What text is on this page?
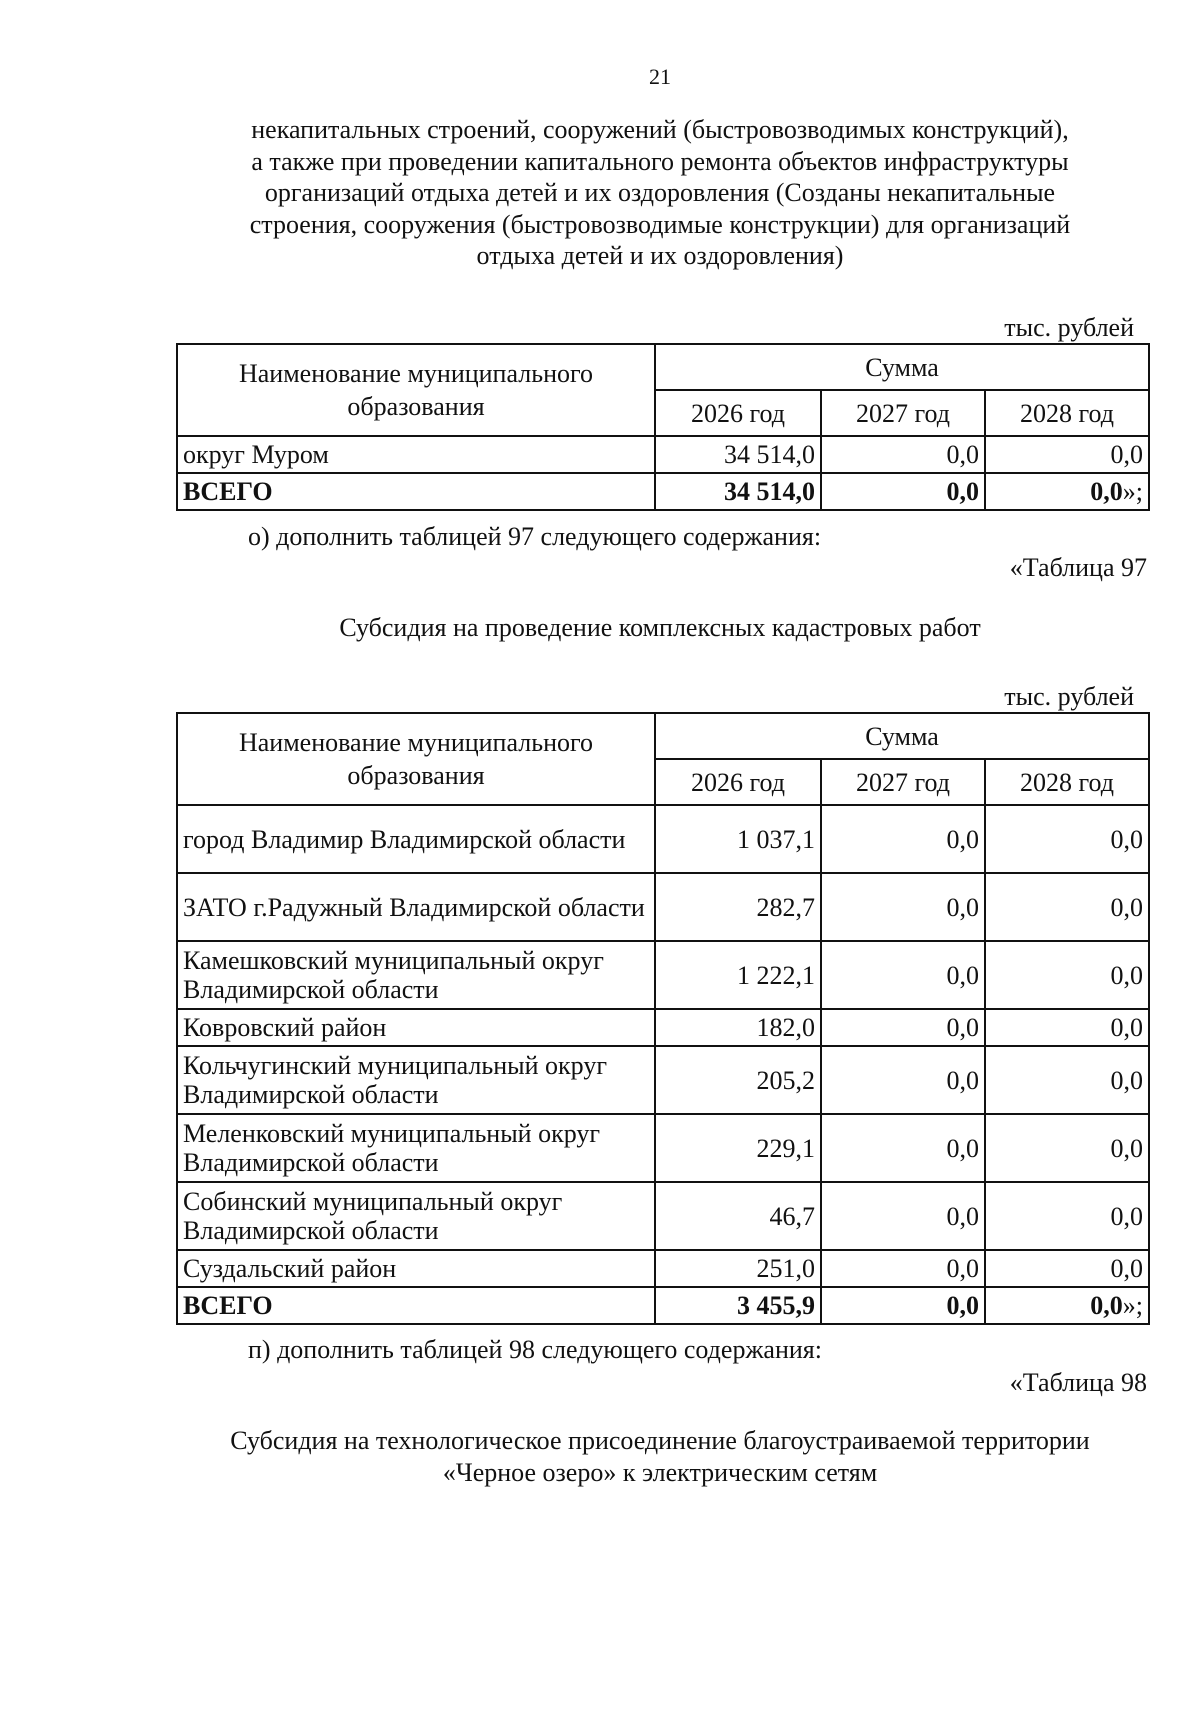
21
некапитальных строений, сооружений (быстровозводимых конструкций),
а также при проведении капитального ремонта объектов инфраструктуры
организаций отдыха детей и их оздоровления (Созданы некапитальные
строения, сооружения (быстровозводимые конструкции) для организаций
отдыха детей и их оздоровления)
тыс. рублей
Наименование муниципального образования	Сумма		
	2026 год	2027 год	2028 год
округ Муром	34 514,0	0,0	0,0
ВСЕГО	34 514,0	0,0	0,0»;
о) дополнить таблицей 97 следующего содержания:
«Таблица 97
Субсидия на проведение комплексных кадастровых работ
тыс. рублей
Наименование муниципального образования	Сумма		
	2026 год	2027 год	2028 год
город Владимир Владимирской области	1 037,1	0,0	0,0
ЗАТО г.Радужный Владимирской области	282,7	0,0	0,0
Камешковский муниципальный округ Владимирской области	1 222,1	0,0	0,0
Ковровский район	182,0	0,0	0,0
Кольчугинский муниципальный округ Владимирской области	205,2	0,0	0,0
Меленковский муниципальный округ Владимирской области	229,1	0,0	0,0
Собинский муниципальный округ Владимирской области	46,7	0,0	0,0
Суздальский район	251,0	0,0	0,0
ВСЕГО	3 455,9	0,0	0,0»;
п) дополнить таблицей 98 следующего содержания:
«Таблица 98
Субсидия на технологическое присоединение благоустраиваемой территории
«Черное озеро» к электрическим сетям
